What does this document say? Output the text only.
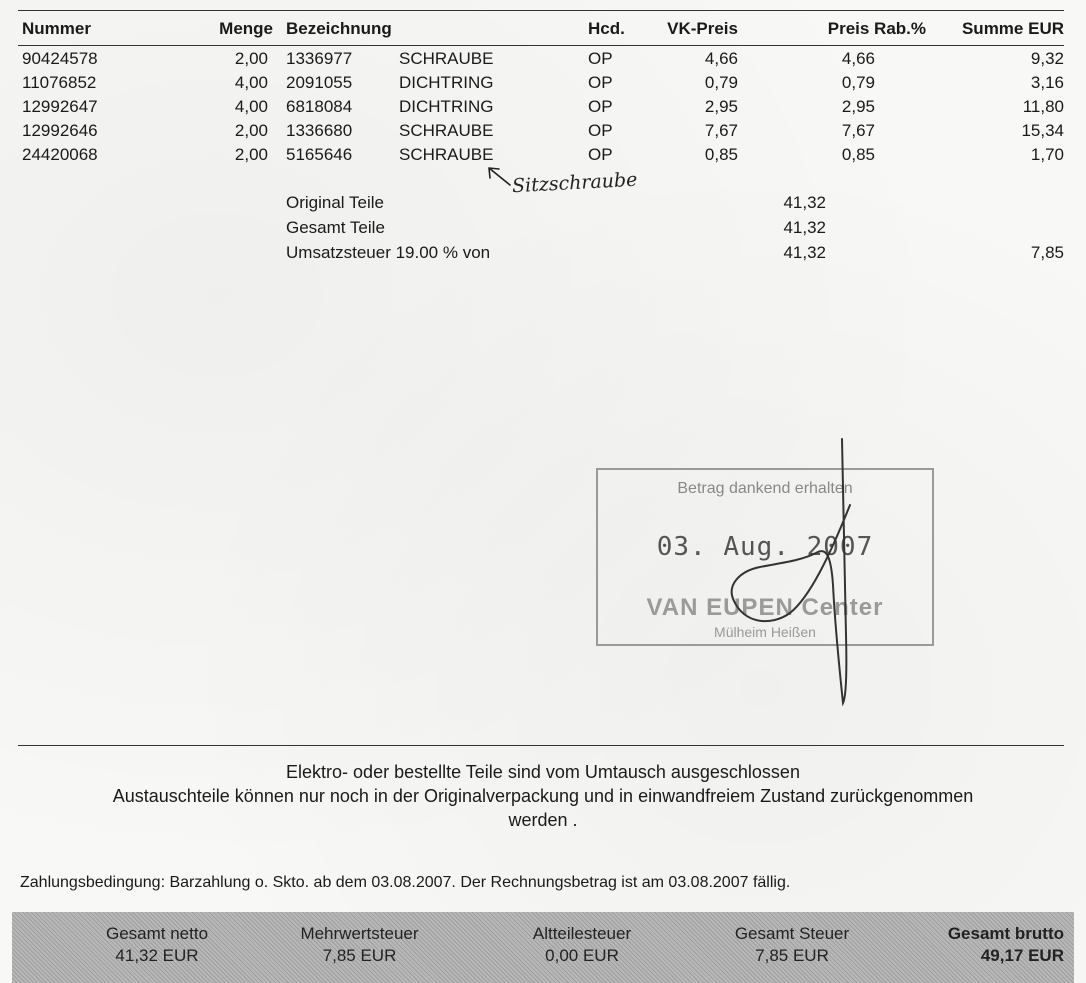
Nummer	Menge Bezeichnung	Hcd.	VK-Preis	Preis Rab.%	Summe EUR
90424578	2,00 1336977	SCHRAUBE	OP	4,66	4,66	9,32
11076852	4,00 2091055	DICHTRING	OP	0,79	0,79	3,16
12992647	4,00 6818084	DICHTRING	OP	2,95	2,95	11,80
12992646	2,00 1336680	SCHRAUBE	OP	7,67	7,67	15,34
24420068	2,00 5165646	SCHRAUBE	OP	0,85	0,85	1,70
Sitzschraube
Original Teile	41,32
Gesamt Teile	41,32
Umsatzsteuer 19.00 % von	41,32	7,85
Betrag dankend erhalten
03. Aug. 2007
VAN EUPEN Center
Mülheim Heißen
Elektro- oder bestellte Teile sind vom Umtausch ausgeschlossen
Austauschteile können nur noch in der Originalverpackung und in einwandfreiem Zustand zurückgenommen
werden .
Zahlungsbedingung: Barzahlung o. Skto. ab dem 03.08.2007. Der Rechnungsbetrag ist am 03.08.2007 fällig.
Gesamt netto
41,32 EUR
Mehrwertsteuer
7,85 EUR
Altteilesteuer
0,00 EUR
Gesamt Steuer
7,85 EUR
Gesamt brutto
49,17 EUR
